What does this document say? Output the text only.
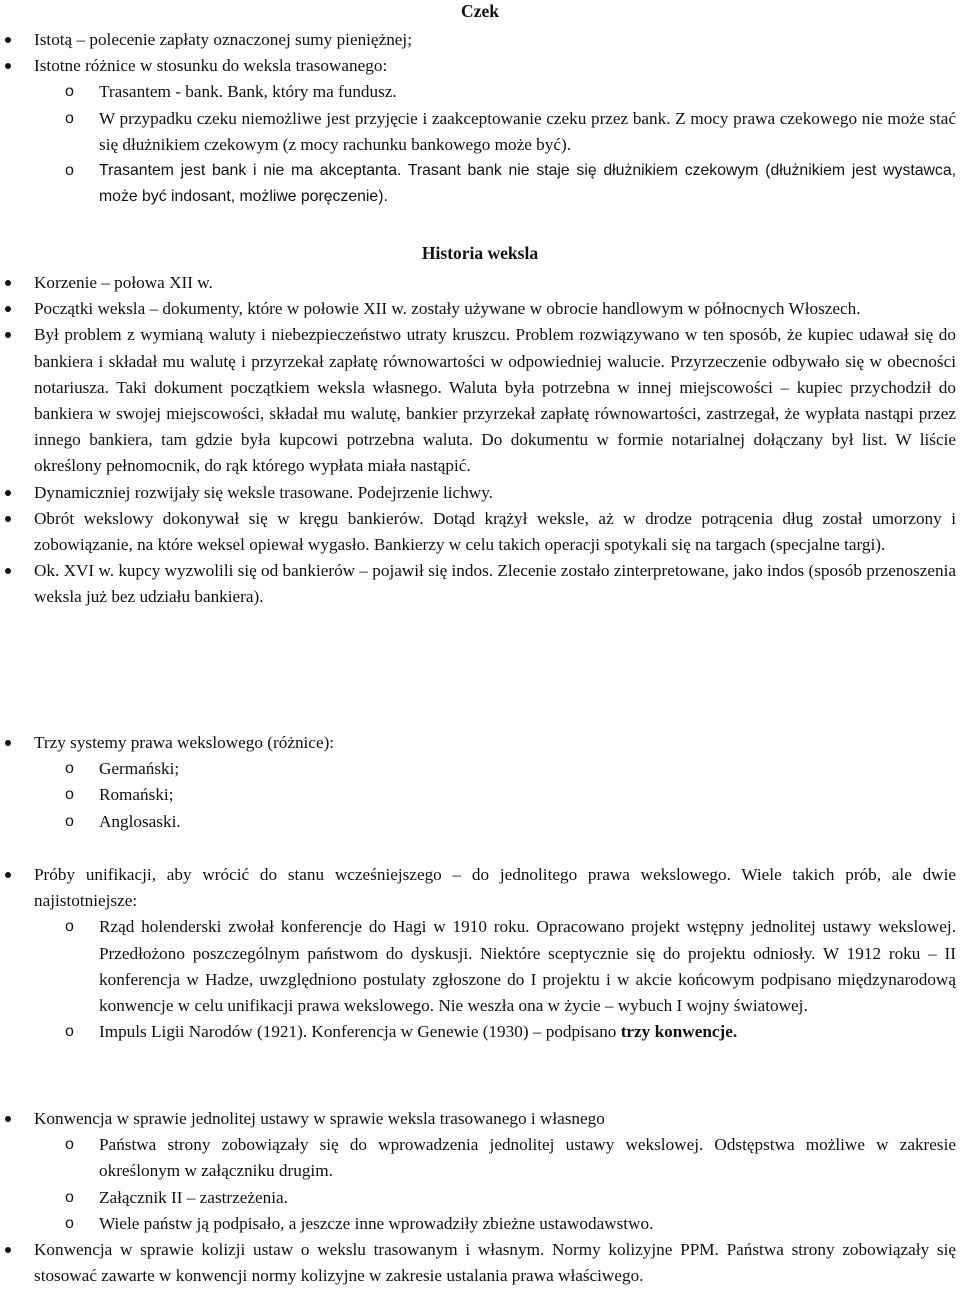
Czek
Istotą – polecenie zapłaty oznaczonej sumy pieniężnej;
Istotne różnice w stosunku do weksla trasowanego:
o Trasantem - bank. Bank, który ma fundusz.
o W przypadku czeku niemożliwe jest przyjęcie i zaakceptowanie czeku przez bank. Z mocy prawa czekowego nie może stać się dłużnikiem czekowym (z mocy rachunku bankowego może być).
o Trasantem jest bank i nie ma akceptanta. Trasant bank nie staje się dłużnikiem czekowym (dłużnikiem jest wystawca, może być indosant, możliwe poręczenie).
Historia weksla
Korzenie – połowa XII w.
Początki weksla – dokumenty, które w połowie XII w. zostały używane w obrocie handlowym w północnych Włoszech.
Był problem z wymianą waluty i niebezpieczeństwo utraty kruszcu. Problem rozwiązywano w ten sposób, że kupiec udawał się do bankiera i składał mu walutę i przyrzekał zapłatę równowartości w odpowiedniej walucie. Przyrzeczenie odbywało się w obecności notariusza. Taki dokument początkiem weksla własnego. Waluta była potrzebna w innej miejscowości – kupiec przychodził do bankiera w swojej miejscowości, składał mu walutę, bankier przyrzekał zapłatę równowartości, zastrzegał, że wypłata nastąpi przez innego bankiera, tam gdzie była kupcowi potrzebna waluta. Do dokumentu w formie notarialnej dołączany był list. W liście określony pełnomocnik, do rąk którego wypłata miała nastąpić.
Dynamiczniej rozwijały się weksle trasowane. Podejrzenie lichwy.
Obrót wekslowy dokonywał się w kręgu bankierów. Dotąd krążył weksle, aż w drodze potrącenia dług został umorzony i zobowiązanie, na które weksel opiewał wygasło. Bankierzy w celu takich operacji spotykali się na targach (specjalne targi).
Ok. XVI w. kupcy wyzwolili się od bankierów – pojawił się indos. Zlecenie zostało zinterpretowane, jako indos (sposób przenoszenia weksla już bez udziału bankiera).
Trzy systemy prawa wekslowego (różnice):
o Germański;
o Romański;
o Anglosaski.
Próby unifikacji, aby wrócić do stanu wcześniejszego – do jednolitego prawa wekslowego. Wiele takich prób, ale dwie najistotniejsze:
o Rząd holenderski zwołał konferencje do Hagi w 1910 roku. Opracowano projekt wstępny jednolitej ustawy wekslowej. Przedłożono poszczególnym państwom do dyskusji. Niektóre sceptycznie się do projektu odniosły. W 1912 roku – II konferencja w Hadze, uwzględniono postulaty zgłoszone do I projektu i w akcie końcowym podpisano międzynarodową konwencje w celu unifikacji prawa wekslowego. Nie weszła ona w życie – wybuch I wojny światowej.
o Impuls Ligii Narodów (1921). Konferencja w Genewie (1930) – podpisano trzy konwencje.
Konwencja w sprawie jednolitej ustawy w sprawie weksla trasowanego i własnego
o Państwa strony zobowiązały się do wprowadzenia jednolitej ustawy wekslowej. Odstępstwa możliwe w zakresie określonym w załączniku drugim.
o Załącznik II – zastrzeżenia.
o Wiele państw ją podpisało, a jeszcze inne wprowadziły zbieżne ustawodawstwo.
Konwencja w sprawie kolizji ustaw o wekslu trasowanym i własnym. Normy kolizyjne PPM. Państwa strony zobowiązały się stosować zawarte w konwencji normy kolizyjne w zakresie ustalania prawa właściwego.
